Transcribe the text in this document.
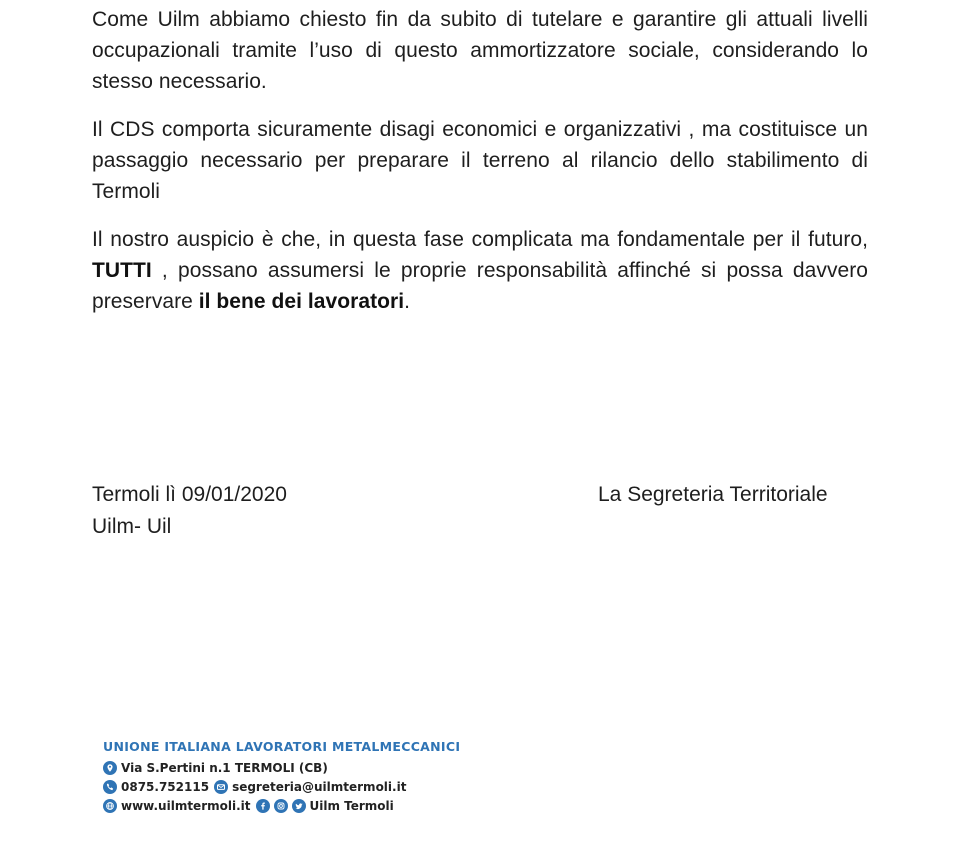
Come Uilm abbiamo chiesto fin da subito di tutelare e garantire gli attuali livelli occupazionali tramite l’uso di questo ammortizzatore sociale, considerando lo stesso necessario.

Il CDS comporta sicuramente disagi economici e organizzativi , ma costituisce un passaggio necessario per preparare il terreno al rilancio dello stabilimento di Termoli

Il nostro auspicio è che, in questa fase complicata ma fondamentale per il futuro, TUTTI , possano assumersi le proprie responsabilità affinché si possa davvero preservare il bene dei lavoratori.

Termoli lì 09/01/2020
Uilm- Uil
La Segreteria Territoriale
UNIONE ITALIANA LAVORATORI METALMECCANICI
Via S.Pertini n.1 TERMOLI (CB)
0875.752115 segreteria@uilmtermoli.it
www.uilmtermoli.it	Uilm Termoli
